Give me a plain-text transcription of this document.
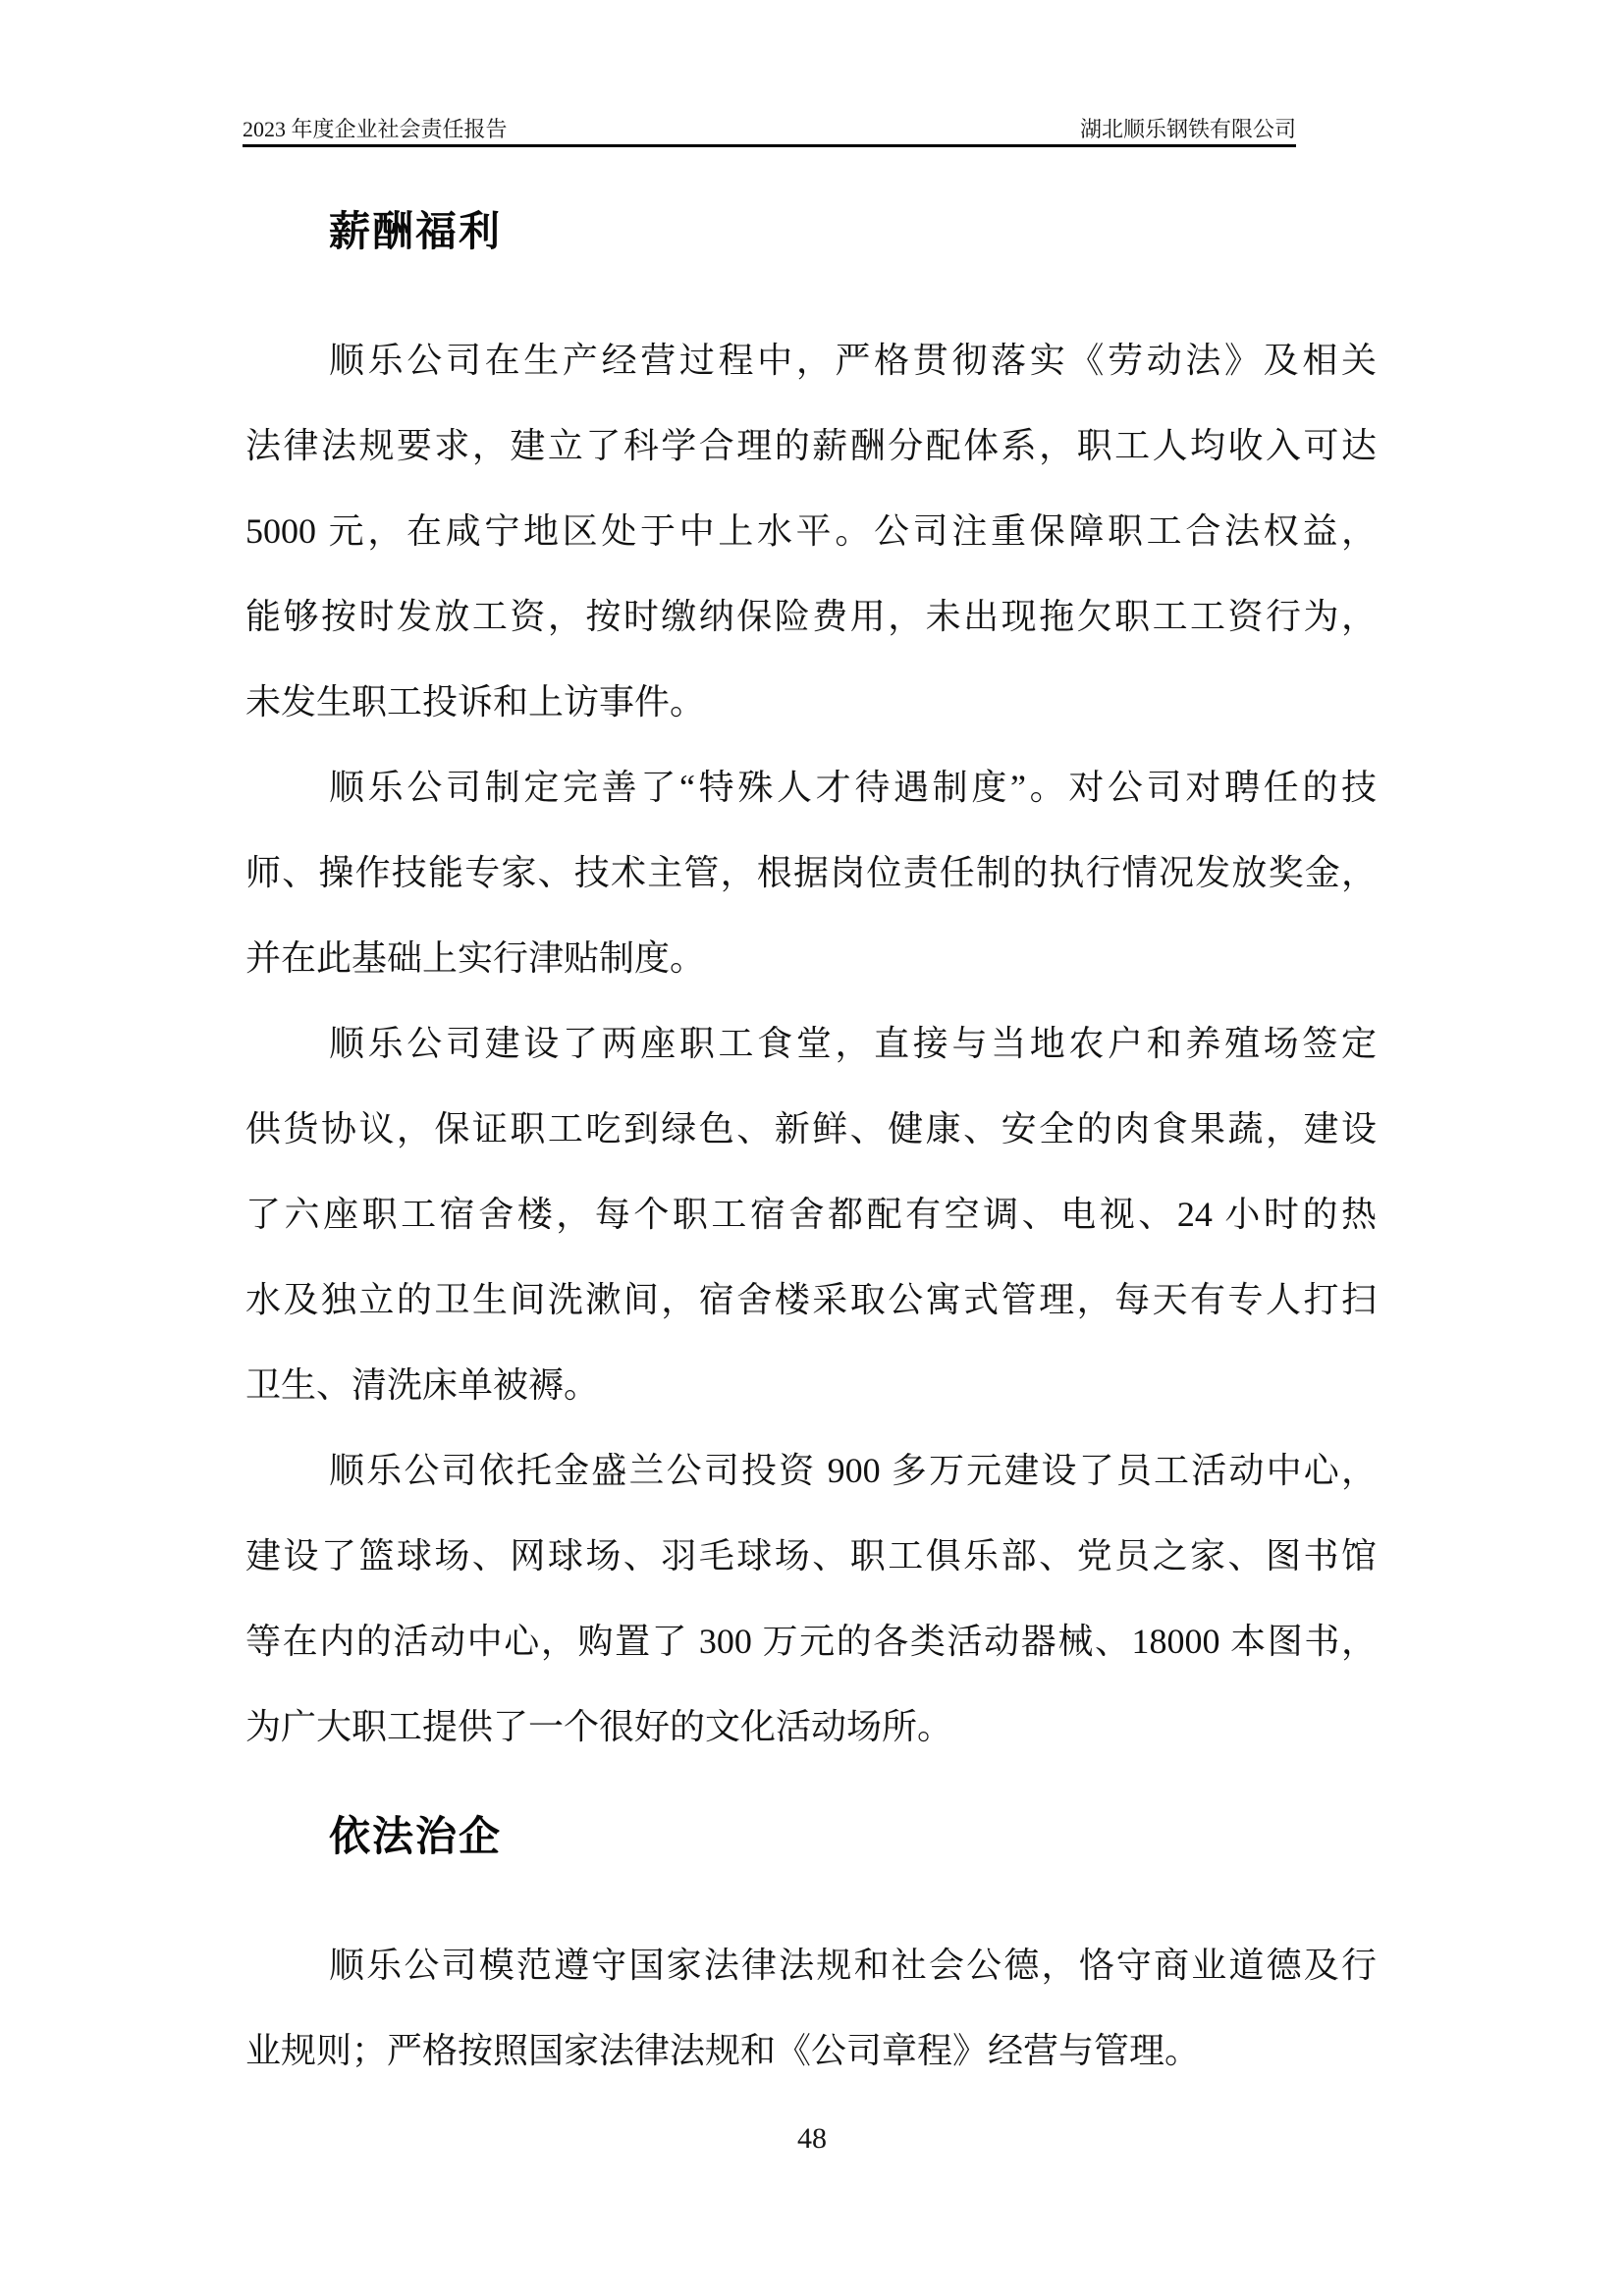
2023 年度企业社会责任报告	湖北顺乐钢铁有限公司
薪酬福利
顺乐公司在生产经营过程中，严格贯彻落实《劳动法》及相关
法律法规要求，建立了科学合理的薪酬分配体系，职工人均收入可达
5000 元，在咸宁地区处于中上水平。公司注重保障职工合法权益，
能够按时发放工资，按时缴纳保险费用，未出现拖欠职工工资行为，
未发生职工投诉和上访事件。
顺乐公司制定完善了“特殊人才待遇制度”。对公司对聘任的技
师、操作技能专家、技术主管，根据岗位责任制的执行情况发放奖金，
并在此基础上实行津贴制度。
顺乐公司建设了两座职工食堂，直接与当地农户和养殖场签定
供货协议，保证职工吃到绿色、新鲜、健康、安全的肉食果蔬，建设
了六座职工宿舍楼，每个职工宿舍都配有空调、电视、24 小时的热
水及独立的卫生间洗漱间，宿舍楼采取公寓式管理，每天有专人打扫
卫生、清洗床单被褥。
顺乐公司依托金盛兰公司投资 900 多万元建设了员工活动中心，
建设了篮球场、网球场、羽毛球场、职工俱乐部、党员之家、图书馆
等在内的活动中心，购置了 300 万元的各类活动器械、18000 本图书，
为广大职工提供了一个很好的文化活动场所。
依法治企
顺乐公司模范遵守国家法律法规和社会公德，恪守商业道德及行
业规则；严格按照国家法律法规和《公司章程》经营与管理。
48
